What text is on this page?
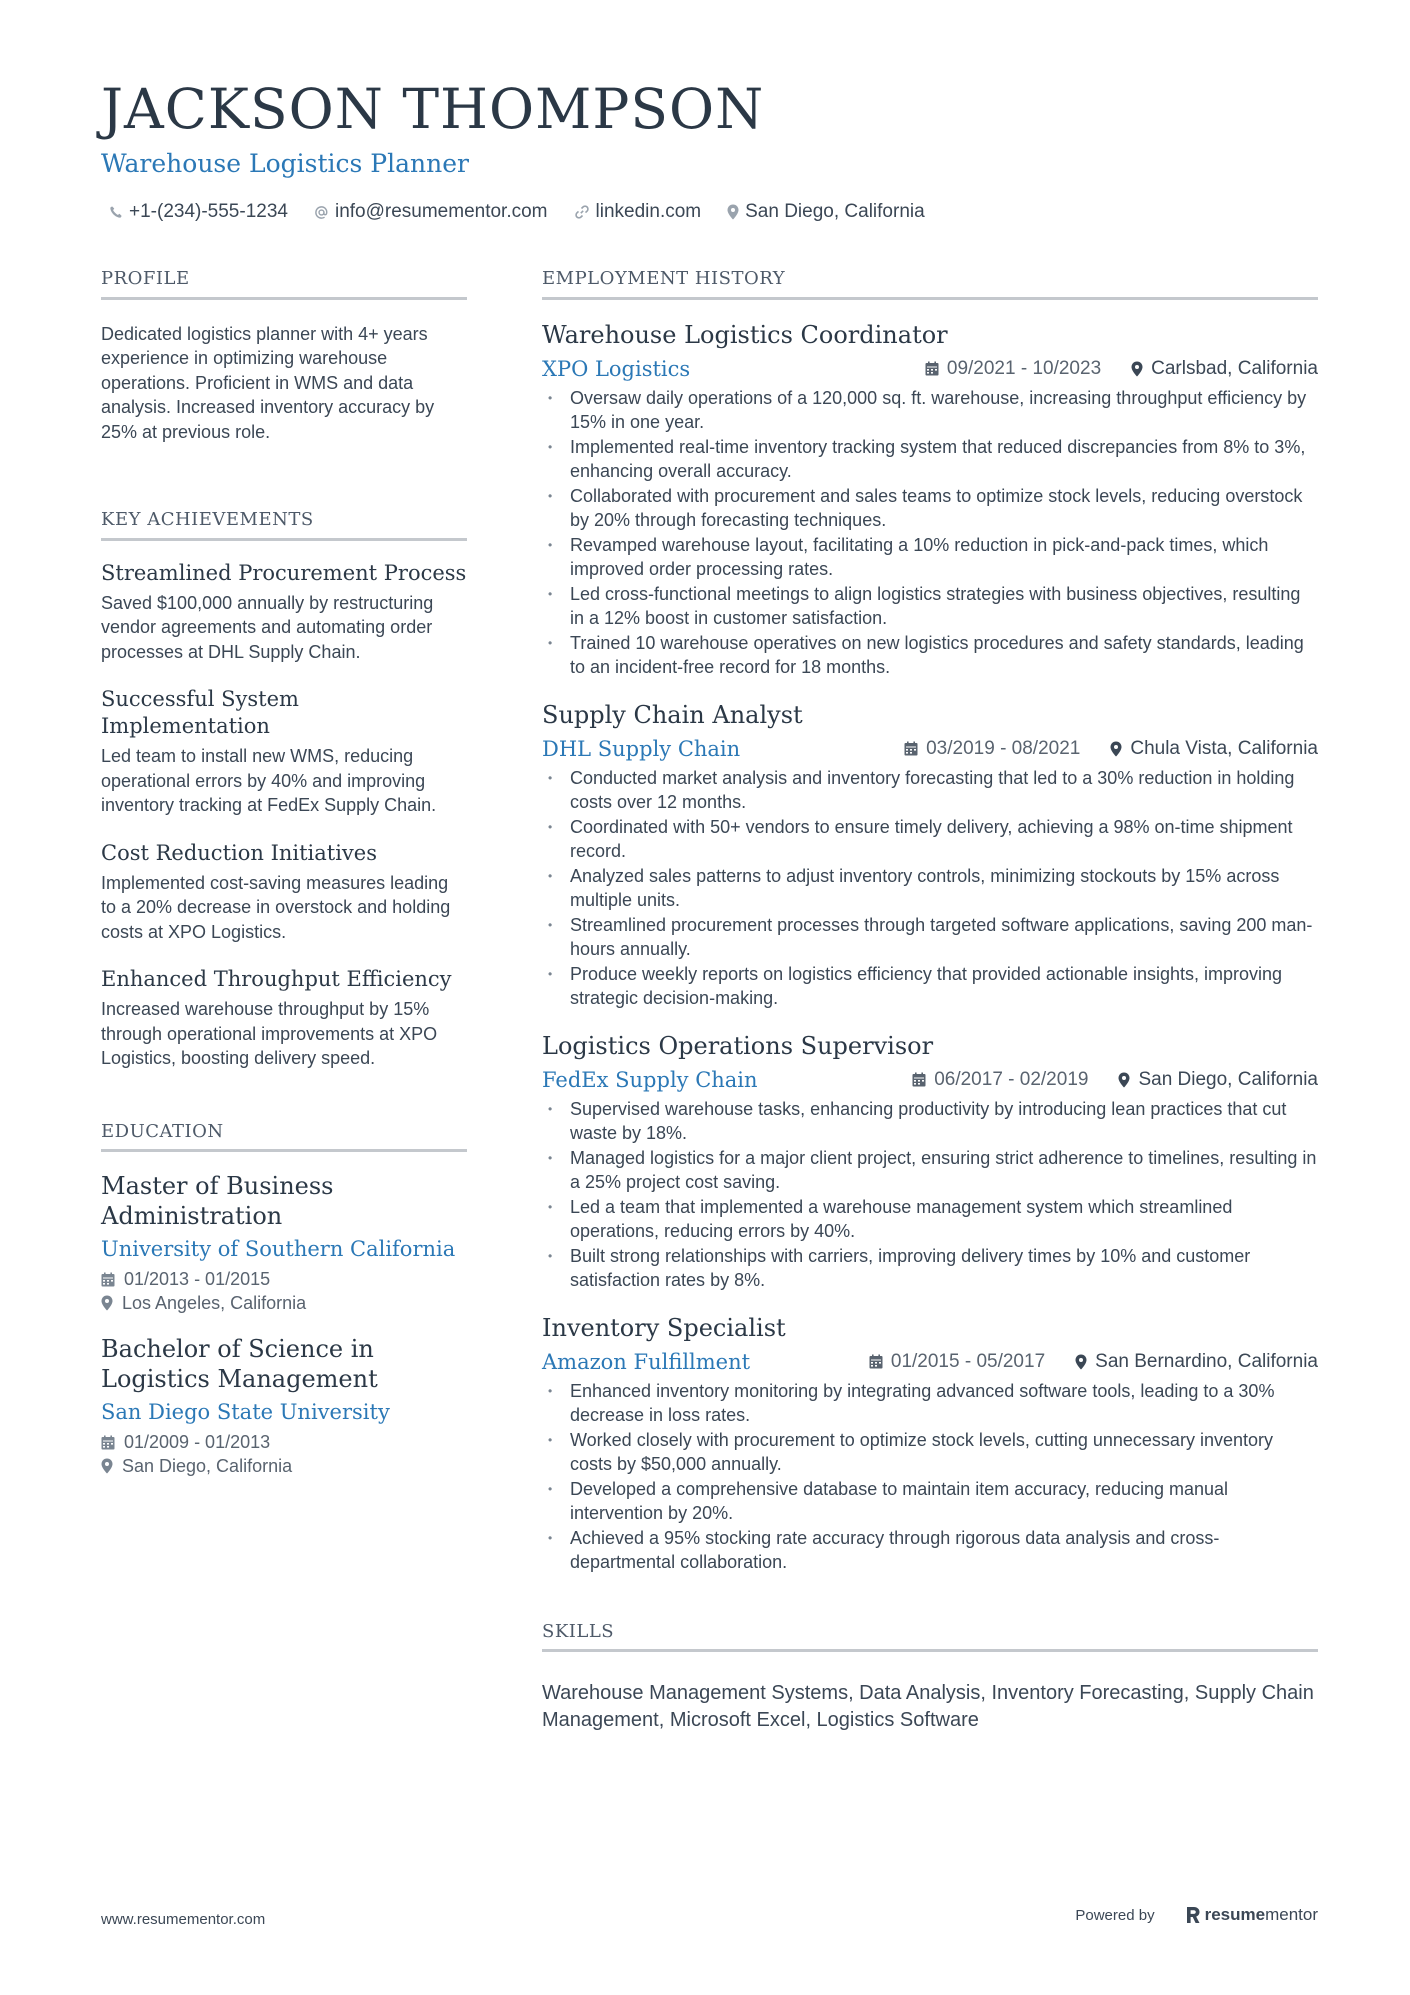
JACKSON THOMPSON
Warehouse Logistics Planner
+1-(234)-555-1234 info@resumementor.com	linkedin.com San Diego, California
PROFILE
Dedicated logistics planner with 4+ years experience in optimizing warehouse operations. Proficient in WMS and data analysis. Increased inventory accuracy by 25% at previous role.
KEY ACHIEVEMENTS
Streamlined Procurement Process
Saved $100,000 annually by restructuring vendor agreements and automating order processes at DHL Supply Chain.
Successful System Implementation
Led team to install new WMS, reducing operational errors by 40% and improving inventory tracking at FedEx Supply Chain.
Cost Reduction Initiatives
Implemented cost-saving measures leading to a 20% decrease in overstock and holding costs at XPO Logistics.
Enhanced Throughput Efficiency
Increased warehouse throughput by 15% through operational improvements at XPO Logistics, boosting delivery speed.
EDUCATION
Master of Business Administration
University of Southern California
01/2013 - 01/2015
Los Angeles, California
Bachelor of Science in Logistics Management
San Diego State University
01/2009 - 01/2013
San Diego, California
EMPLOYMENT HISTORY
Warehouse Logistics Coordinator
XPO Logistics	09/2021 - 10/2023	Carlsbad, California
• Oversaw daily operations of a 120,000 sq. ft. warehouse, increasing throughput efficiency by 15% in one year.
• Implemented real-time inventory tracking system that reduced discrepancies from 8% to 3%, enhancing overall accuracy.
• Collaborated with procurement and sales teams to optimize stock levels, reducing overstock by 20% through forecasting techniques.
• Revamped warehouse layout, facilitating a 10% reduction in pick-and-pack times, which improved order processing rates.
• Led cross-functional meetings to align logistics strategies with business objectives, resulting in a 12% boost in customer satisfaction.
• Trained 10 warehouse operatives on new logistics procedures and safety standards, leading to an incident-free record for 18 months.
Supply Chain Analyst
DHL Supply Chain	03/2019 - 08/2021	Chula Vista, California
• Conducted market analysis and inventory forecasting that led to a 30% reduction in holding costs over 12 months.
• Coordinated with 50+ vendors to ensure timely delivery, achieving a 98% on-time shipment record.
• Analyzed sales patterns to adjust inventory controls, minimizing stockouts by 15% across multiple units.
• Streamlined procurement processes through targeted software applications, saving 200 man-hours annually.
• Produce weekly reports on logistics efficiency that provided actionable insights, improving strategic decision-making.
Logistics Operations Supervisor
FedEx Supply Chain	06/2017 - 02/2019	San Diego, California
• Supervised warehouse tasks, enhancing productivity by introducing lean practices that cut waste by 18%.
• Managed logistics for a major client project, ensuring strict adherence to timelines, resulting in a 25% project cost saving.
• Led a team that implemented a warehouse management system which streamlined operations, reducing errors by 40%.
• Built strong relationships with carriers, improving delivery times by 10% and customer satisfaction rates by 8%.
Inventory Specialist
Amazon Fulfillment	01/2015 - 05/2017	San Bernardino, California
• Enhanced inventory monitoring by integrating advanced software tools, leading to a 30% decrease in loss rates.
• Worked closely with procurement to optimize stock levels, cutting unnecessary inventory costs by $50,000 annually.
• Developed a comprehensive database to maintain item accuracy, reducing manual intervention by 20%.
• Achieved a 95% stocking rate accuracy through rigorous data analysis and cross-departmental collaboration.
SKILLS
Warehouse Management Systems, Data Analysis, Inventory Forecasting, Supply Chain Management, Microsoft Excel, Logistics Software
www.resumementor.com	Powered by	resumementor
